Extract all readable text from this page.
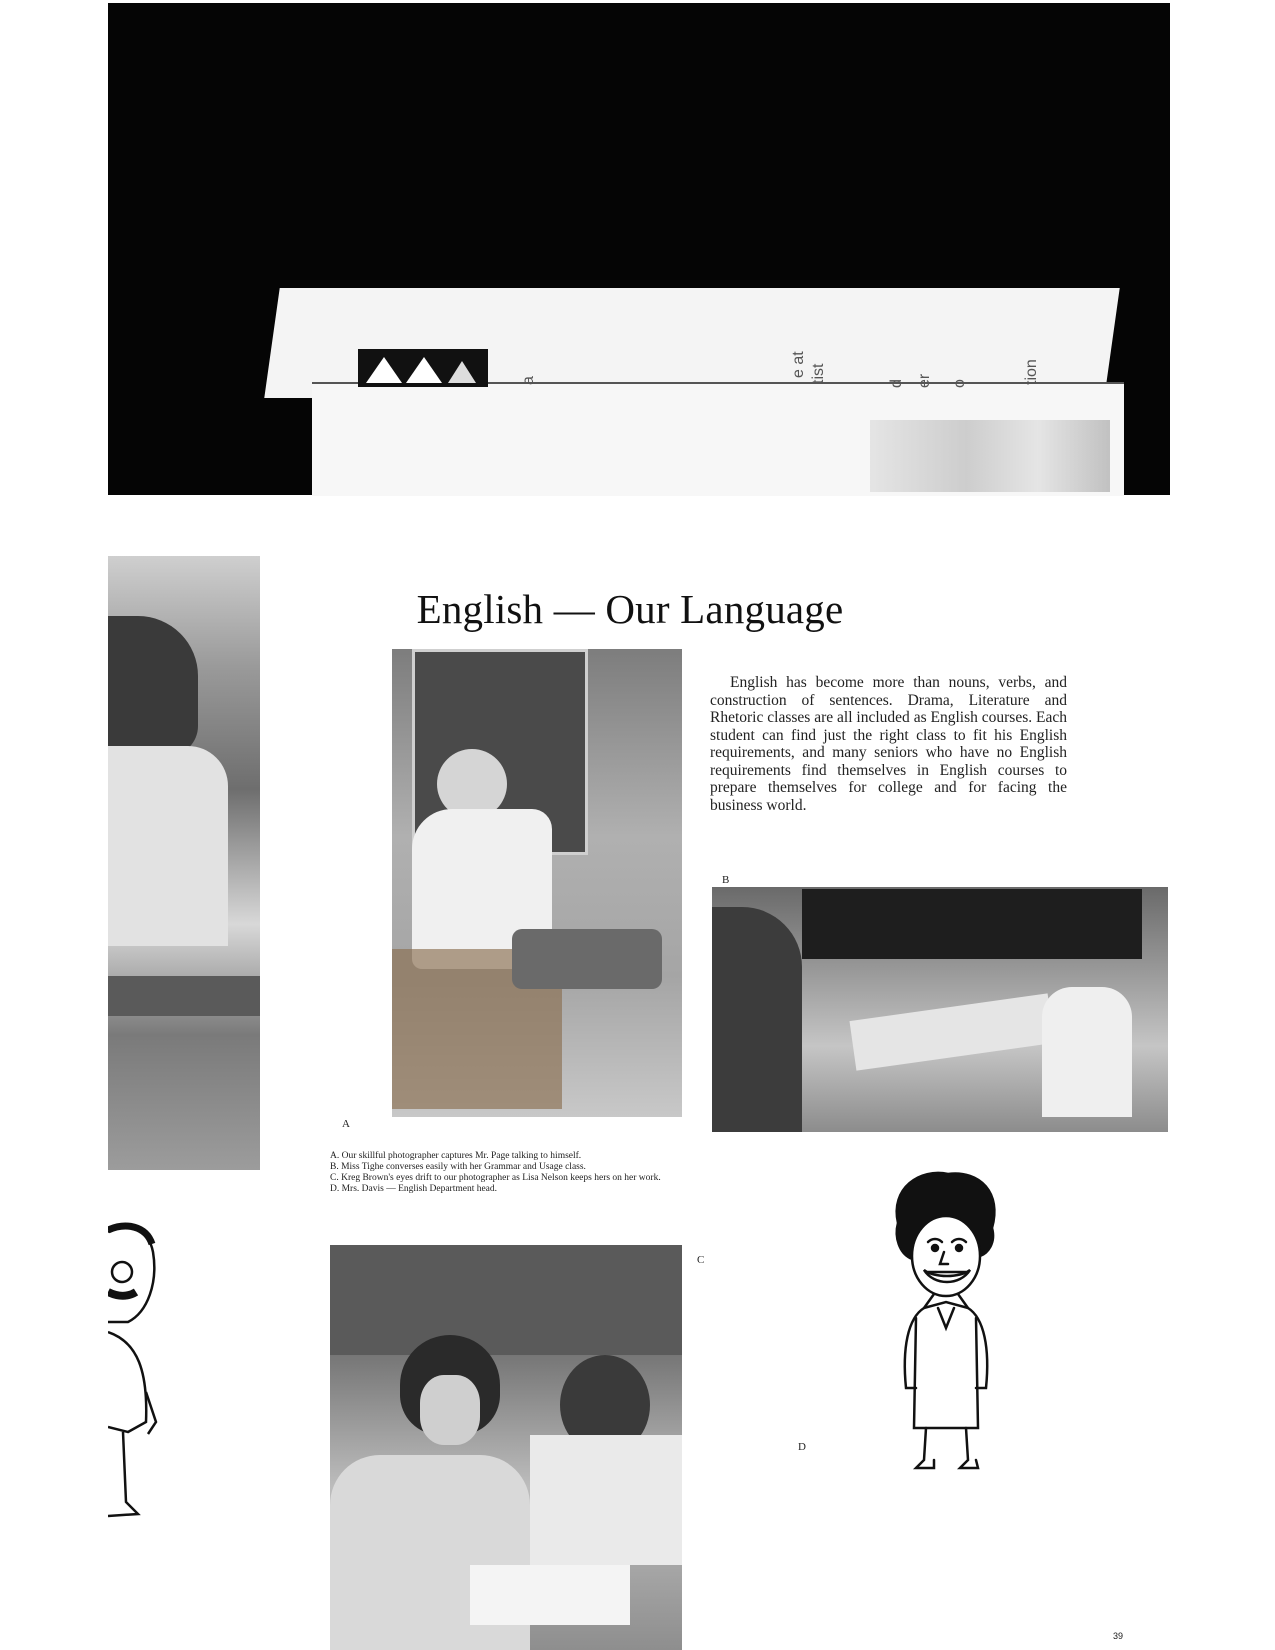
a
e at tist	d er o	tion
English — Our Language
A
English has become more than nouns, verbs, and construction of sentences. Drama, Literature and Rhetoric classes are all included as English courses. Each student can find just the right class to fit his English requirements, and many seniors who have no English requirements find themselves in English courses to prepare themselves for college and for facing the business world.
B
A. Our skillful photographer captures Mr. Page talking to himself.
B. Miss Tighe converses easily with her Grammar and Usage class.
C. Kreg Brown's eyes drift to our photographer as Lisa Nelson keeps hers on her work.
D. Mrs. Davis — English Department head.
C
D
39
